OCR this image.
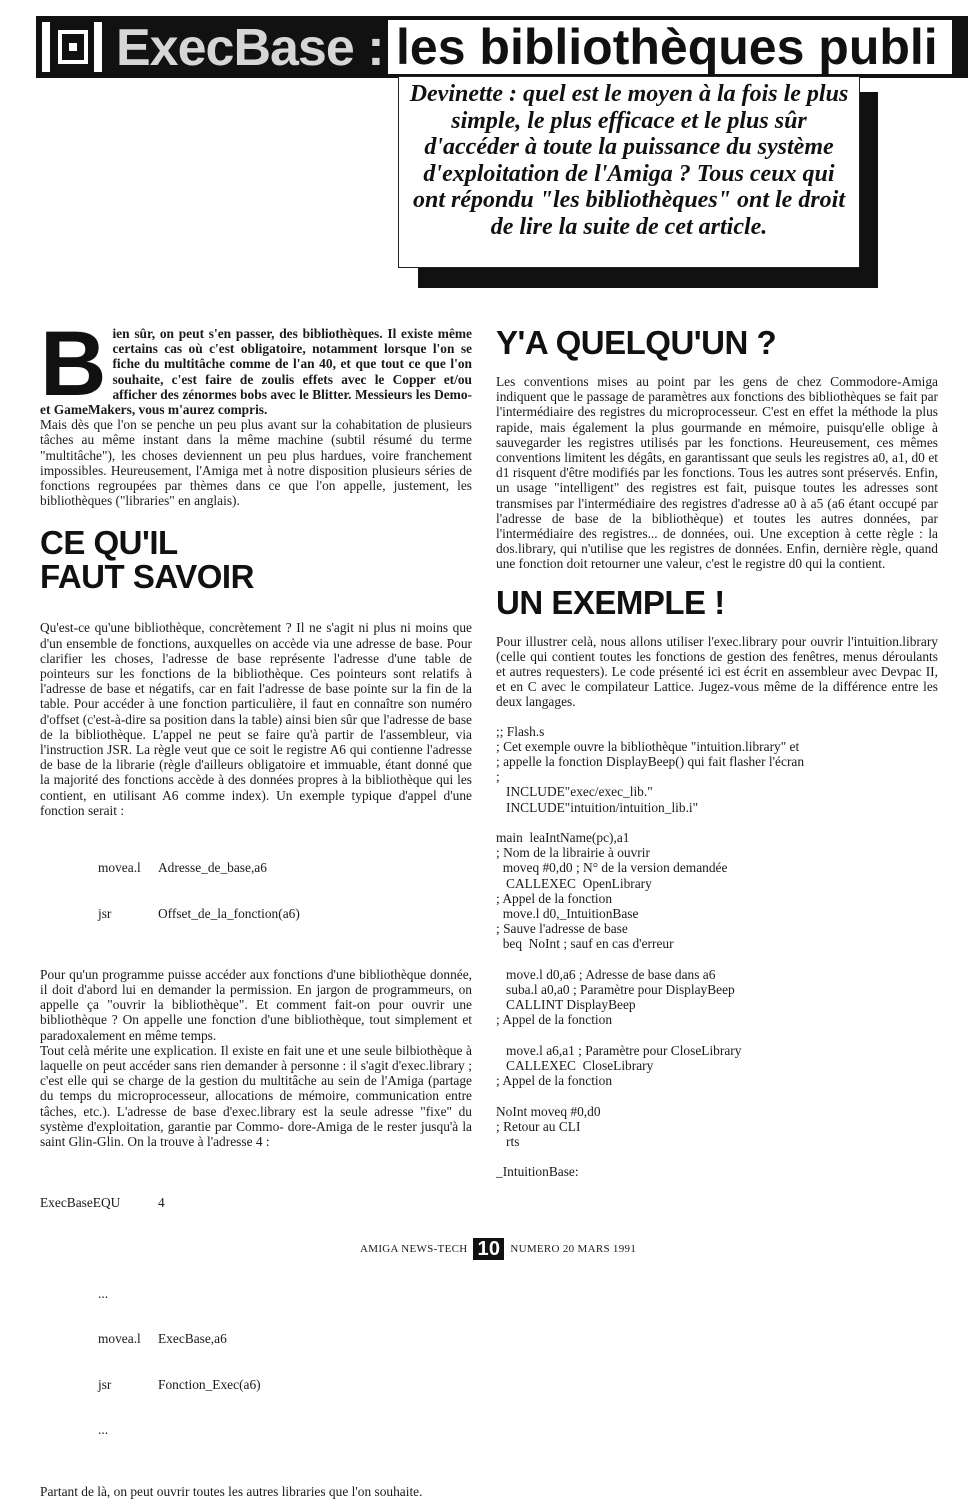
ExecBase : les bibliothèques publi
Devinette : quel est le moyen à la fois le plus simple, le plus efficace et le plus sûr d'accéder à toute la puissance du système d'exploitation de l'Amiga ? Tous ceux qui ont répondu "les bibliothèques" ont le droit de lire la suite de cet article.

B ien sûr, on peut s'en passer, des bibliothèques. Il existe même certains cas où c'est obligatoire, notamment lorsque l'on se fiche du multitâche comme de l'an 40, et que tout ce que l'on souhaite, c'est faire de zoulis effets avec le Copper et/ou afficher des zénormes bobs avec le Blitter. Messieurs les Demo- et GameMakers, vous m'aurez compris.

Mais dès que l'on se penche un peu plus avant sur la cohabitation de plusieurs tâches au même instant dans la même machine (subtil résumé du terme "multitâche"), les choses deviennent un peu plus hardues, voire franchement impossibles. Heureusement, l'Amiga met à notre disposition plusieurs séries de fonctions regroupées par thèmes dans ce que l'on appelle, justement, les bibliothèques ("libraries" en anglais).

CE QU'IL
FAUT SAVOIR

Qu'est-ce qu'une bibliothèque, concrètement ? Il ne s'agit ni plus ni moins que d'un ensemble de fonctions, auxquelles on accède via une adresse de base. Pour clarifier les choses, l'adresse de base représente l'adresse d'une table de pointeurs sur les fonctions de la bibliothèque. Ces pointeurs sont relatifs à l'adresse de base et négatifs, car en fait l'adresse de base pointe sur la fin de la table. Pour accéder à une fonction particulière, il faut en connaître son numéro d'offset (c'est-à-dire sa position dans la table) ainsi bien sûr que l'adresse de base de la bibliothèque. L'appel ne peut se faire qu'à partir de l'assembleur, via l'instruction JSR. La règle veut que ce soit le registre A6 qui contienne l'adresse de base de la librarie (règle d'ailleurs obligatoire et immuable, étant donné que la majorité des fonctions accède à des données propres à la bibliothèque qui les contient, en utilisant A6 comme index). Un exemple typique d'appel d'une fonction serait :

movea.l	Adresse_de_base,a6

jsr	Offset_de_la_fonction(a6)

Pour qu'un programme puisse accéder aux fonctions d'une bibliothèque donnée, il doit d'abord lui en demander la permission. En jargon de programmeurs, on appelle ça "ouvrir la bibliothèque". Et comment fait-on pour ouvrir une bibliothèque ? On appelle une fonction d'une bibliothèque, tout simplement et paradoxalement en même temps.

Tout celà mérite une explication. Il existe en fait une et une seule bilbiothèque à laquelle on peut accéder sans rien demander à personne : il s'agit d'exec.library ; c'est elle qui se charge de la gestion du multitâche au sein de l'Amiga (partage du temps du microprocesseur, allocations de mémoire, communication entre tâches, etc.). L'adresse de base d'exec.library est la seule adresse "fixe" du système d'exploitation, garantie par Commo- dore-Amiga de le rester jusqu'à la saint Glin-Glin. On la trouve à l'adresse 4 :

ExecBaseEQU	4

...

movea.l	ExecBase,a6

jsr	Fonction_Exec(a6)

...

Partant de là, on peut ouvrir toutes les autres libraries que l'on souhaite.

Y'A QUELQU'UN ?

Les conventions mises au point par les gens de chez Commodore-Amiga indiquent que le passage de paramètres aux fonctions des bibliothèques se fait par l'intermédiaire des registres du microprocesseur. C'est en effet la méthode la plus rapide, mais également la plus gourmande en mémoire, puisqu'elle oblige à sauvegarder les registres utilisés par les fonctions. Heureusement, ces mêmes conventions limitent les dégâts, en garantissant que seuls les registres a0, a1, d0 et d1 risquent d'être modifiés par les fonctions. Tous les autres sont préservés. Enfin, un usage "intelligent" des registres est fait, puisque toutes les adresses sont transmises par l'intermédiaire des registres d'adresse a0 à a5 (a6 étant occupé par l'adresse de base de la bibliothèque) et toutes les autres données, par l'intermédiaire des registres... de données, oui. Une exception à cette règle : la dos.library, qui n'utilise que les registres de données. Enfin, dernière règle, quand une fonction doit retourner une valeur, c'est le registre d0 qui la contient.

UN EXEMPLE !

Pour illustrer celà, nous allons utiliser l'exec.library pour ouvrir l'intuition.library (celle qui contient toutes les fonctions de gestion des fenêtres, menus déroulants et autres requesters). Le code présenté ici est écrit en assembleur avec Devpac II, et en C avec le compilateur Lattice. Jugez-vous même de la différence entre les deux langages.

;; Flash.s
; Cet exemple ouvre la bibliothèque "intuition.library" et
; appelle la fonction DisplayBeep() qui fait flasher l'écran
;
INCLUDE"exec/exec_lib."
INCLUDE"intuition/intuition_lib.i"
main  leaIntName(pc),a1
; Nom de la librairie à ouvrir
moveq #0,d0 ; N° de la version demandée
CALLEXEC  OpenLibrary
; Appel de la fonction
move.l d0,_IntuitionBase
; Sauve l'adresse de base
beq  NoInt ; sauf en cas d'erreur
move.l d0,a6 ; Adresse de base dans a6
suba.l a0,a0 ; Paramètre pour DisplayBeep
CALLINT DisplayBeep
; Appel de la fonction
move.l a6,a1 ; Paramètre pour CloseLibrary
CALLEXEC  CloseLibrary
; Appel de la fonction
NoInt moveq #0,d0
; Retour au CLI
rts
_IntuitionBase:
AMIGA NEWS-TECH 10 NUMERO 20 MARS 1991
